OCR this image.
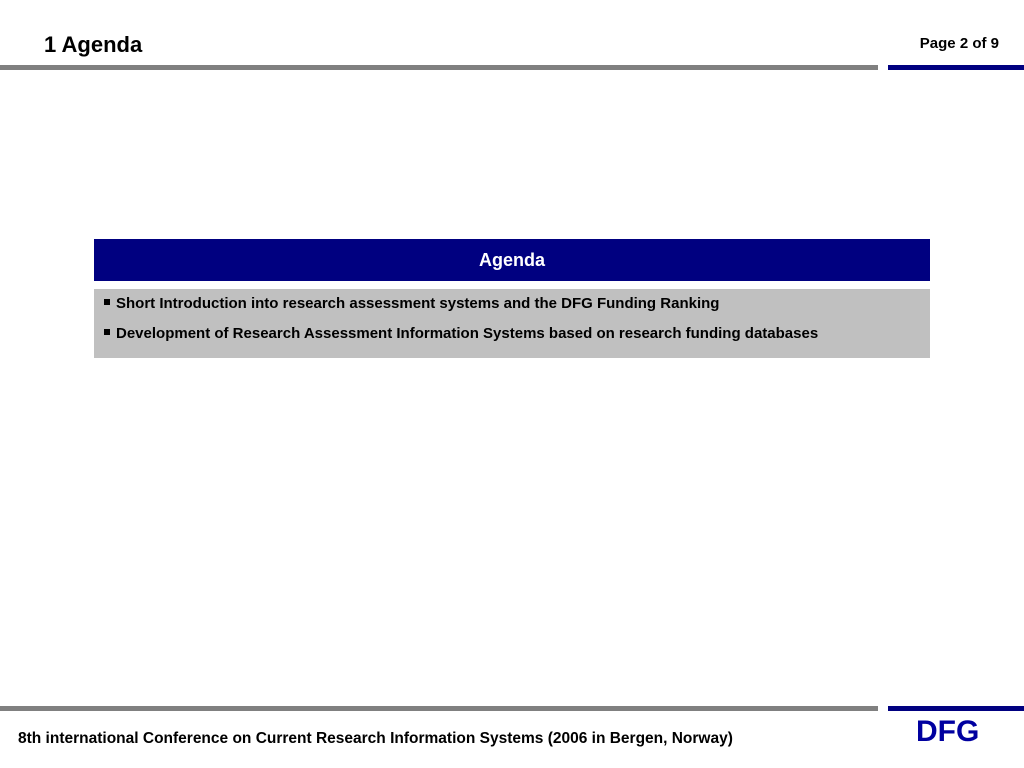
1 Agenda	Page 2 of 9
Agenda
Short Introduction into research assessment systems and the DFG Funding Ranking
Development of Research Assessment Information Systems based on research funding databases
8th international Conference on Current Research Information Systems (2006 in Bergen, Norway)	DFG
